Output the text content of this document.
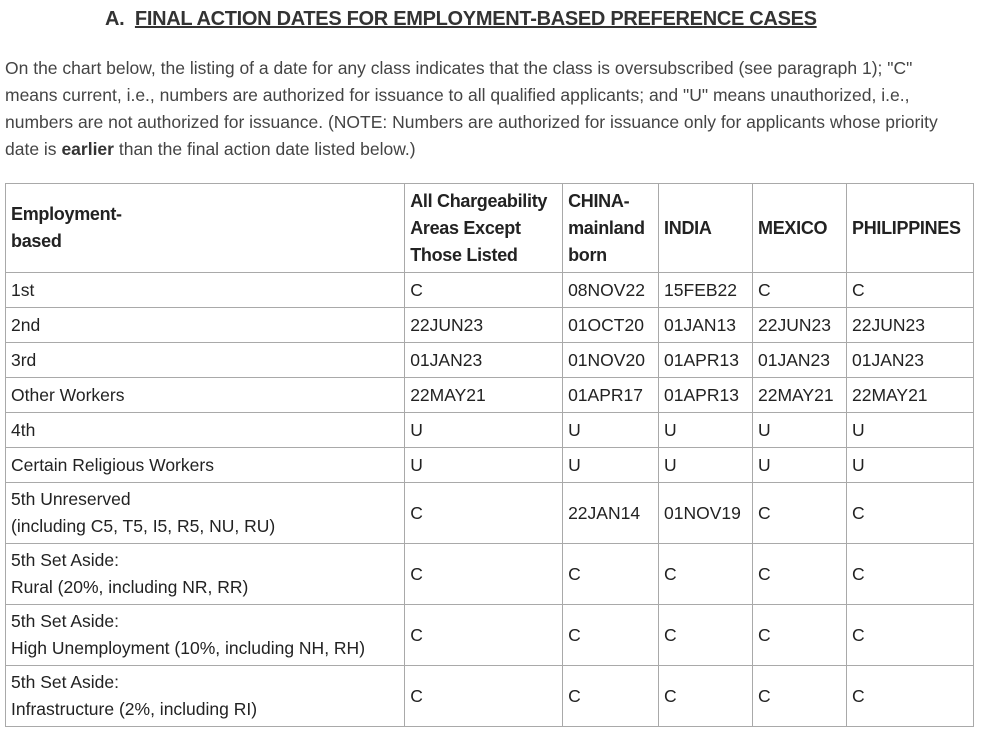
A. FINAL ACTION DATES FOR EMPLOYMENT-BASED PREFERENCE CASES

On the chart below, the listing of a date for any class indicates that the class is oversubscribed (see paragraph 1); "C" means current, i.e., numbers are authorized for issuance to all qualified applicants; and "U" means unauthorized, i.e., numbers are not authorized for issuance. (NOTE: Numbers are authorized for issuance only for applicants whose priority date is earlier than the final action date listed below.)

Employment-
based	All Chargeability
Areas Except
Those Listed	CHINA-
mainland
born	INDIA	MEXICO	PHILIPPINES

1st	C	08NOV22	15FEB22	C	C

2nd	22JUN23	01OCT20	01JAN13	22JUN23	22JUN23

3rd	01JAN23	01NOV20	01APR13	01JAN23	01JAN23

Other Workers	22MAY21	01APR17	01APR13	22MAY21	22MAY21

4th	U	U	U	U	U

Certain Religious Workers	U	U	U	U	U

5th Unreserved
(including C5, T5, I5, R5, NU, RU)	C	22JAN14	01NOV19	C	C

5th Set Aside:
Rural (20%, including NR, RR)	C	C	C	C	C

5th Set Aside:
High Unemployment (10%, including NH, RH)	C	C	C	C	C

5th Set Aside:
Infrastructure (2%, including RI)	C	C	C	C	C
